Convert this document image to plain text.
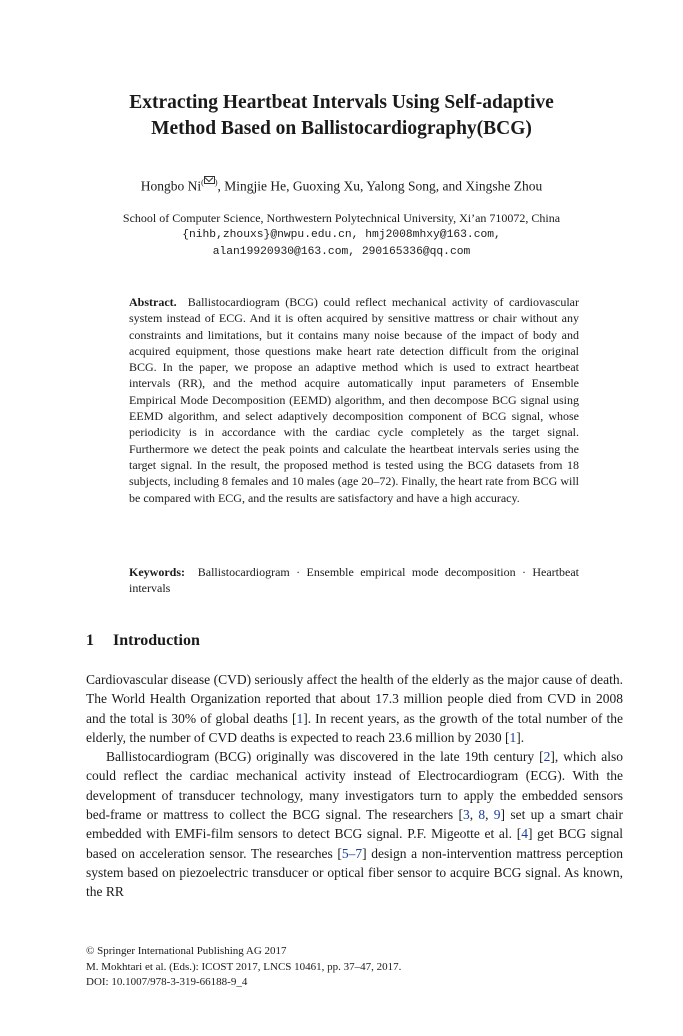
Extracting Heartbeat Intervals Using Self-adaptive
Method Based on Ballistocardiography(BCG)
Hongbo Ni( ), Mingjie He, Guoxing Xu, Yalong Song, and Xingshe Zhou
School of Computer Science, Northwestern Polytechnical University, Xi’an 710072, China
{nihb,zhouxs}@nwpu.edu.cn, hmj2008mhxy@163.com,
alan19920930@163.com, 290165336@qq.com
Abstract. Ballistocardiogram (BCG) could reflect mechanical activity of cardiovascular system instead of ECG. And it is often acquired by sensitive mattress or chair without any constraints and limitations, but it contains many noise because of the impact of body and acquired equipment, those questions make heart rate detection difficult from the original BCG. In the paper, we propose an adaptive method which is used to extract heartbeat intervals (RR), and the method acquire automatically input parameters of Ensemble Empirical Mode Decomposition (EEMD) algorithm, and then decompose BCG signal using EEMD algorithm, and select adaptively decomposition component of BCG signal, whose periodicity is in accordance with the cardiac cycle completely as the target signal. Furthermore we detect the peak points and calculate the heartbeat intervals series using the target signal. In the result, the proposed method is tested using the BCG datasets from 18 subjects, including 8 females and 10 males (age 20–72). Finally, the heart rate from BCG will be compared with ECG, and the results are satisfactory and have a high accuracy.
Keywords: Ballistocardiogram · Ensemble empirical mode decomposition · Heartbeat intervals
1 Introduction

Cardiovascular disease (CVD) seriously affect the health of the elderly as the major cause of death. The World Health Organization reported that about 17.3 million people died from CVD in 2008 and the total is 30% of global deaths [1]. In recent years, as the growth of the total number of the elderly, the number of CVD deaths is expected to reach 23.6 million by 2030 [1].

Ballistocardiogram (BCG) originally was discovered in the late 19th century [2], which also could reflect the cardiac mechanical activity instead of Electrocardiogram (ECG). With the development of transducer technology, many investigators turn to apply the embedded sensors bed-frame or mattress to collect the BCG signal. The researchers [3, 8, 9] set up a smart chair embedded with EMFi-film sensors to detect BCG signal. P.F. Migeotte et al. [4] get BCG signal based on acceleration sensor. The researches [5–7] design a non-intervention mattress perception system based on piezoelectric transducer or optical fiber sensor to acquire BCG signal. As known, the RR

© Springer International Publishing AG 2017
M. Mokhtari et al. (Eds.): ICOST 2017, LNCS 10461, pp. 37–47, 2017.
DOI: 10.1007/978-3-319-66188-9_4
